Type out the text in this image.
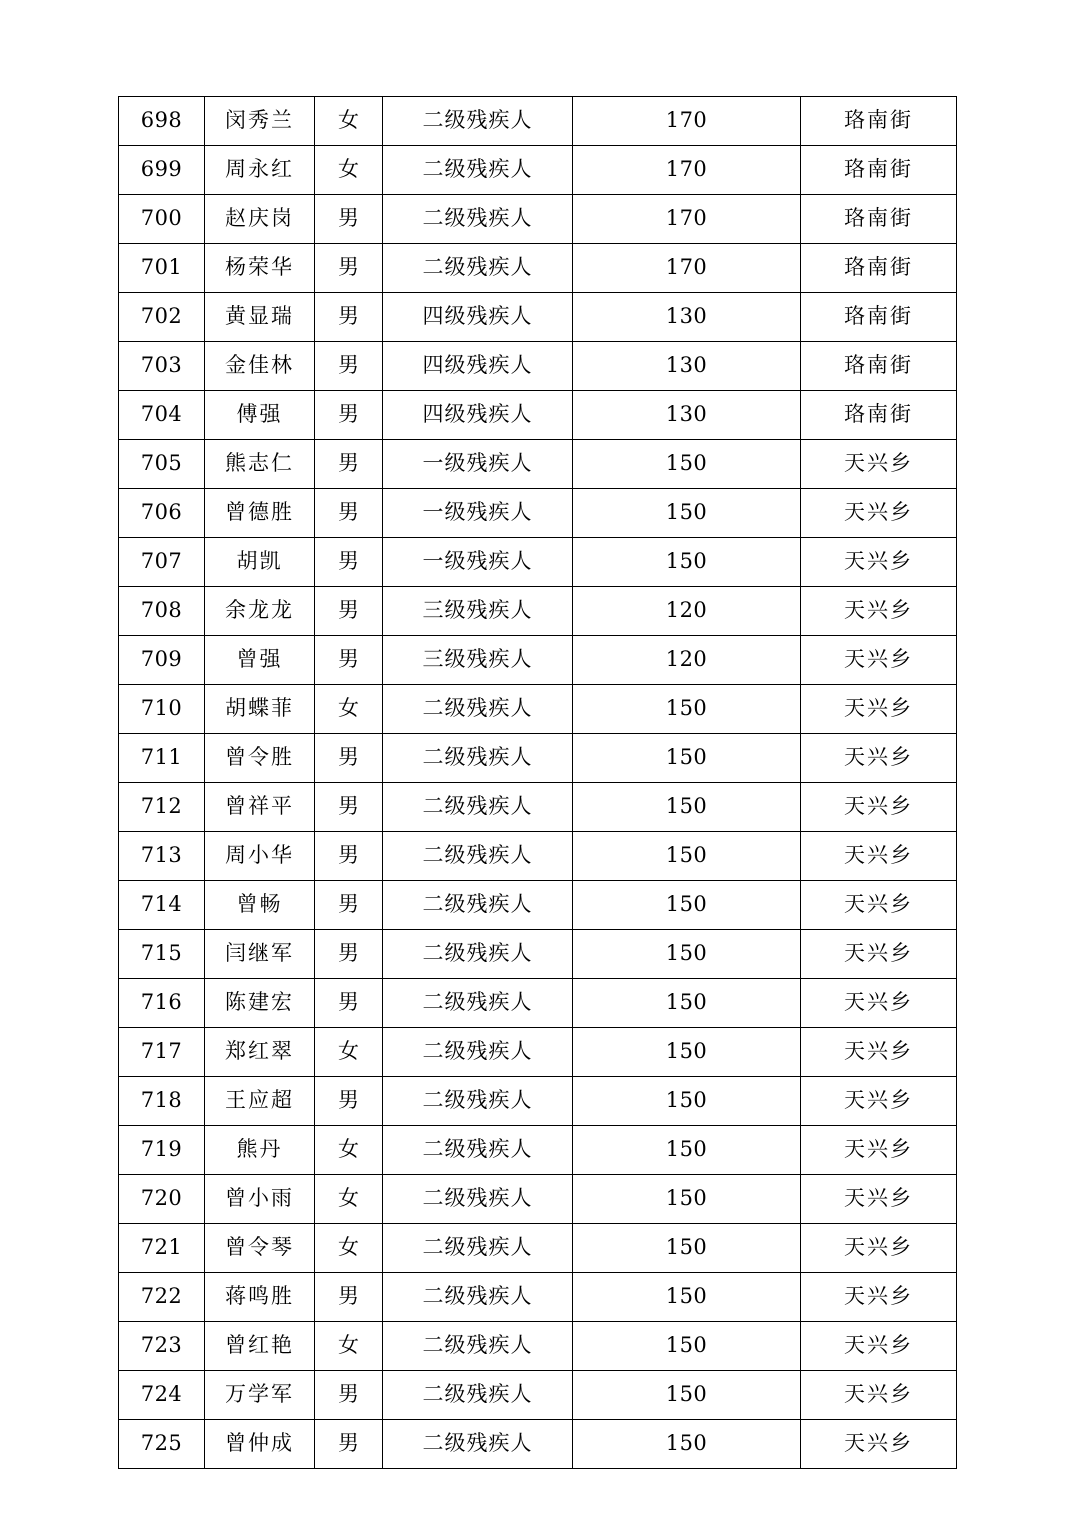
698	闵秀兰	女	二级残疾人	170	珞南街
699	周永红	女	二级残疾人	170	珞南街
700	赵庆岗	男	二级残疾人	170	珞南街
701	杨荣华	男	二级残疾人	170	珞南街
702	黄显瑞	男	四级残疾人	130	珞南街
703	金佳林	男	四级残疾人	130	珞南街
704	傅强	男	四级残疾人	130	珞南街
705	熊志仁	男	一级残疾人	150	天兴乡
706	曾德胜	男	一级残疾人	150	天兴乡
707	胡凯	男	一级残疾人	150	天兴乡
708	余龙龙	男	三级残疾人	120	天兴乡
709	曾强	男	三级残疾人	120	天兴乡
710	胡蝶菲	女	二级残疾人	150	天兴乡
711	曾令胜	男	二级残疾人	150	天兴乡
712	曾祥平	男	二级残疾人	150	天兴乡
713	周小华	男	二级残疾人	150	天兴乡
714	曾畅	男	二级残疾人	150	天兴乡
715	闫继军	男	二级残疾人	150	天兴乡
716	陈建宏	男	二级残疾人	150	天兴乡
717	郑红翠	女	二级残疾人	150	天兴乡
718	王应超	男	二级残疾人	150	天兴乡
719	熊丹	女	二级残疾人	150	天兴乡
720	曾小雨	女	二级残疾人	150	天兴乡
721	曾令琴	女	二级残疾人	150	天兴乡
722	蒋鸣胜	男	二级残疾人	150	天兴乡
723	曾红艳	女	二级残疾人	150	天兴乡
724	万学军	男	二级残疾人	150	天兴乡
725	曾仲成	男	二级残疾人	150	天兴乡
